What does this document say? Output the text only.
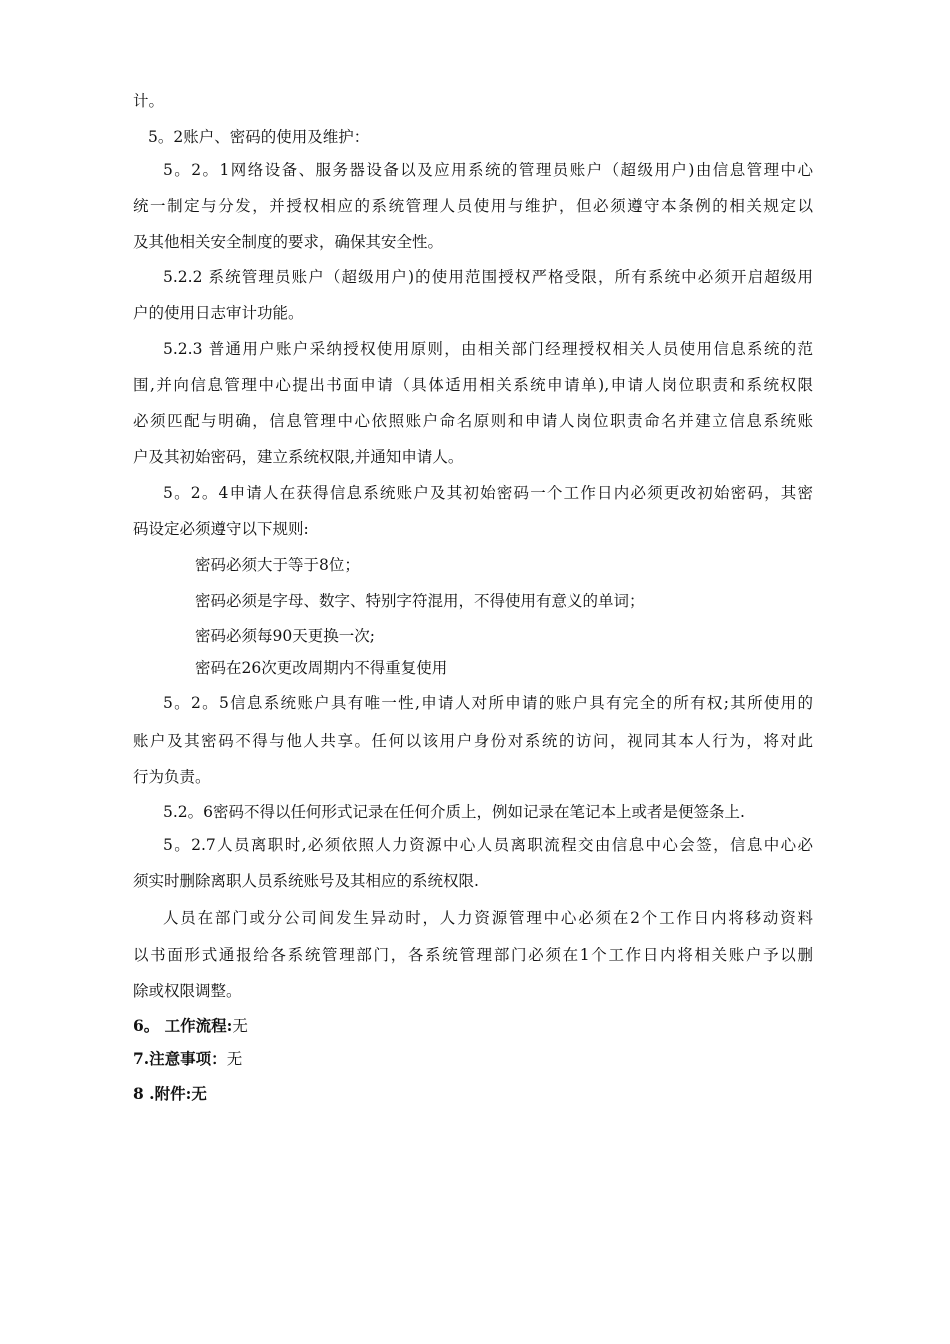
计。
5。2账户、密码的使用及维护：
5。2。1网络设备、服务器设备以及应用系统的管理员账户（超级用户)由信息管理中心
统一制定与分发，并授权相应的系统管理人员使用与维护，但必须遵守本条例的相关规定以
及其他相关安全制度的要求，确保其安全性。
5.2.2 系统管理员账户（超级用户)的使用范围授权严格受限，所有系统中必须开启超级用
户的使用日志审计功能。
5.2.3 普通用户账户采纳授权使用原则，由相关部门经理授权相关人员使用信息系统的范
围,并向信息管理中心提出书面申请（具体适用相关系统申请单),申请人岗位职责和系统权限
必须匹配与明确，信息管理中心依照账户命名原则和申请人岗位职责命名并建立信息系统账
户及其初始密码，建立系统权限,并通知申请人。
5。2。4申请人在获得信息系统账户及其初始密码一个工作日内必须更改初始密码，其密
码设定必须遵守以下规则:
密码必须大于等于8位；
密码必须是字母、数字、特别字符混用，不得使用有意义的单词；
密码必须每90天更换一次;
密码在26次更改周期内不得重复使用
5。2。5信息系统账户具有唯一性,申请人对所申请的账户具有完全的所有权;其所使用的
账户及其密码不得与他人共享。任何以该用户身份对系统的访问，视同其本人行为，将对此
行为负责。
5.2。6密码不得以任何形式记录在任何介质上，例如记录在笔记本上或者是便签条上.
5。2.7人员离职时,必须依照人力资源中心人员离职流程交由信息中心会签，信息中心必
须实时删除离职人员系统账号及其相应的系统权限.
人员在部门或分公司间发生异动时，人力资源管理中心必须在2个工作日内将移动资料
以书面形式通报给各系统管理部门，各系统管理部门必须在1个工作日内将相关账户予以删
除或权限调整。
6。 工作流程:无
7.注意事项：无
8 .附件:无
